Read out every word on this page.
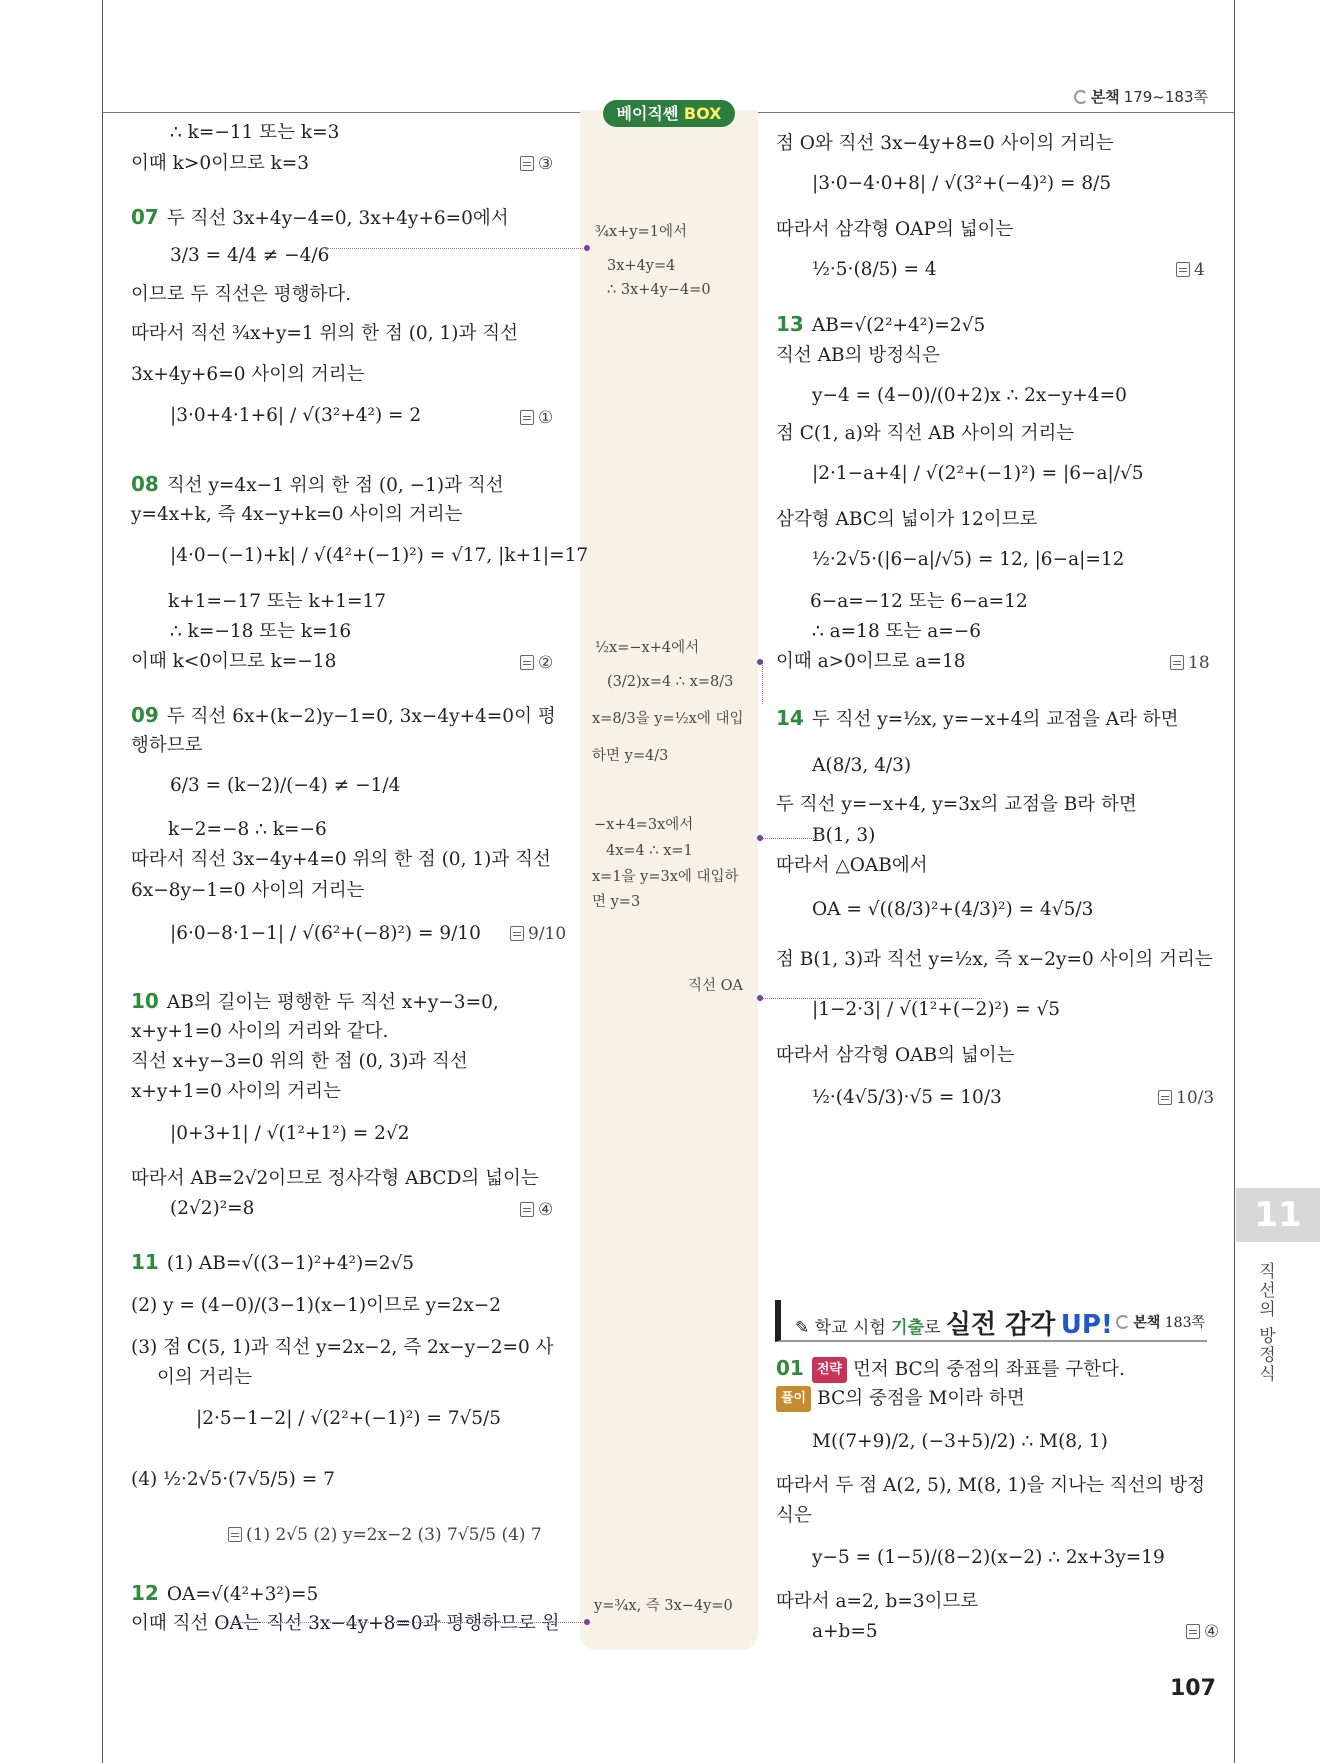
본책 179~183쪽
베이직쎈 BOX
∴ k=−11 또는 k=3
이때 k>0이므로 k=3
07 두 직선 3x+4y−4=0, 3x+4y+6=0에서
3/3 = 4/4 ≠ −4/6
이므로 두 직선은 평행하다.
따라서 직선 ¾x+y=1 위의 한 점 (0, 1)과 직선
3x+4y+6=0 사이의 거리는
|3·0+4·1+6| / √(3²+4²) = 2
08 직선 y=4x−1 위의 한 점 (0, −1)과 직선
y=4x+k, 즉 4x−y+k=0 사이의 거리는
|4·0−(−1)+k| / √(4²+(−1)²) = √17, |k+1|=17
k+1=−17 또는 k+1=17
∴ k=−18 또는 k=16
이때 k<0이므로 k=−18
09 두 직선 6x+(k−2)y−1=0, 3x−4y+4=0이 평
행하므로
6/3 = (k−2)/(−4) ≠ −1/4
k−2=−8 ∴ k=−6
따라서 직선 3x−4y+4=0 위의 한 점 (0, 1)과 직선
6x−8y−1=0 사이의 거리는
|6·0−8·1−1| / √(6²+(−8)²) = 9/10
10 AB의 길이는 평행한 두 직선 x+y−3=0,
x+y+1=0 사이의 거리와 같다.
직선 x+y−3=0 위의 한 점 (0, 3)과 직선
x+y+1=0 사이의 거리는
|0+3+1| / √(1²+1²) = 2√2
따라서 AB=2√2이므로 정사각형 ABCD의 넓이는
(2√2)²=8
11 (1) AB=√((3−1)²+4²)=2√5
(2) y = (4−0)/(3−1)(x−1)이므로 y=2x−2
(3) 점 C(5, 1)과 직선 y=2x−2, 즉 2x−y−2=0 사
이의 거리는
|2·5−1−2| / √(2²+(−1)²) = 7√5/5
(4) ½·2√5·(7√5/5) = 7
12 OA=√(4²+3²)=5
이때 직선 OA는 직선 3x−4y+8=0과 평행하므로 원
③
①
②
9/10
④
(1) 2√5 (2) y=2x−2 (3) 7√5/5 (4) 7
¾x+y=1에서
3x+4y=4
∴ 3x+4y−4=0
½x=−x+4에서
(3/2)x=4 ∴ x=8/3
x=8/3을 y=½x에 대입
하면 y=4/3
−x+4=3x에서
4x=4 ∴ x=1
x=1을 y=3x에 대입하
면 y=3
직선 OA
y=¾x, 즉 3x−4y=0
점 O와 직선 3x−4y+8=0 사이의 거리는
|3·0−4·0+8| / √(3²+(−4)²) = 8/5
따라서 삼각형 OAP의 넓이는
½·5·(8/5) = 4
13 AB=√(2²+4²)=2√5
직선 AB의 방정식은
y−4 = (4−0)/(0+2)x ∴ 2x−y+4=0
점 C(1, a)와 직선 AB 사이의 거리는
|2·1−a+4| / √(2²+(−1)²) = |6−a|/√5
삼각형 ABC의 넓이가 12이므로
½·2√5·(|6−a|/√5) = 12, |6−a|=12
6−a=−12 또는 6−a=12
∴ a=18 또는 a=−6
이때 a>0이므로 a=18
14 두 직선 y=½x, y=−x+4의 교점을 A라 하면
A(8/3, 4/3)
두 직선 y=−x+4, y=3x의 교점을 B라 하면
B(1, 3)
따라서 △OAB에서
OA = √((8/3)²+(4/3)²) = 4√5/3
점 B(1, 3)과 직선 y=½x, 즉 x−2y=0 사이의 거리는
|1−2·3| / √(1²+(−2)²) = √5
따라서 삼각형 OAB의 넓이는
½·(4√5/3)·√5 = 10/3
01 전략 먼저 BC의 중점의 좌표를 구한다.
풀이 BC의 중점을 M이라 하면
M((7+9)/2, (−3+5)/2) ∴ M(8, 1)
따라서 두 점 A(2, 5), M(8, 1)을 지나는 직선의 방정
식은
y−5 = (1−5)/(8−2)(x−2) ∴ 2x+3y=19
따라서 a=2, b=3이므로
a+b=5
4
18
10/3
④
✎ 학교 시험 기출로 실전 감각 UP!	본책 183쪽
11
직선의 방정식
107
